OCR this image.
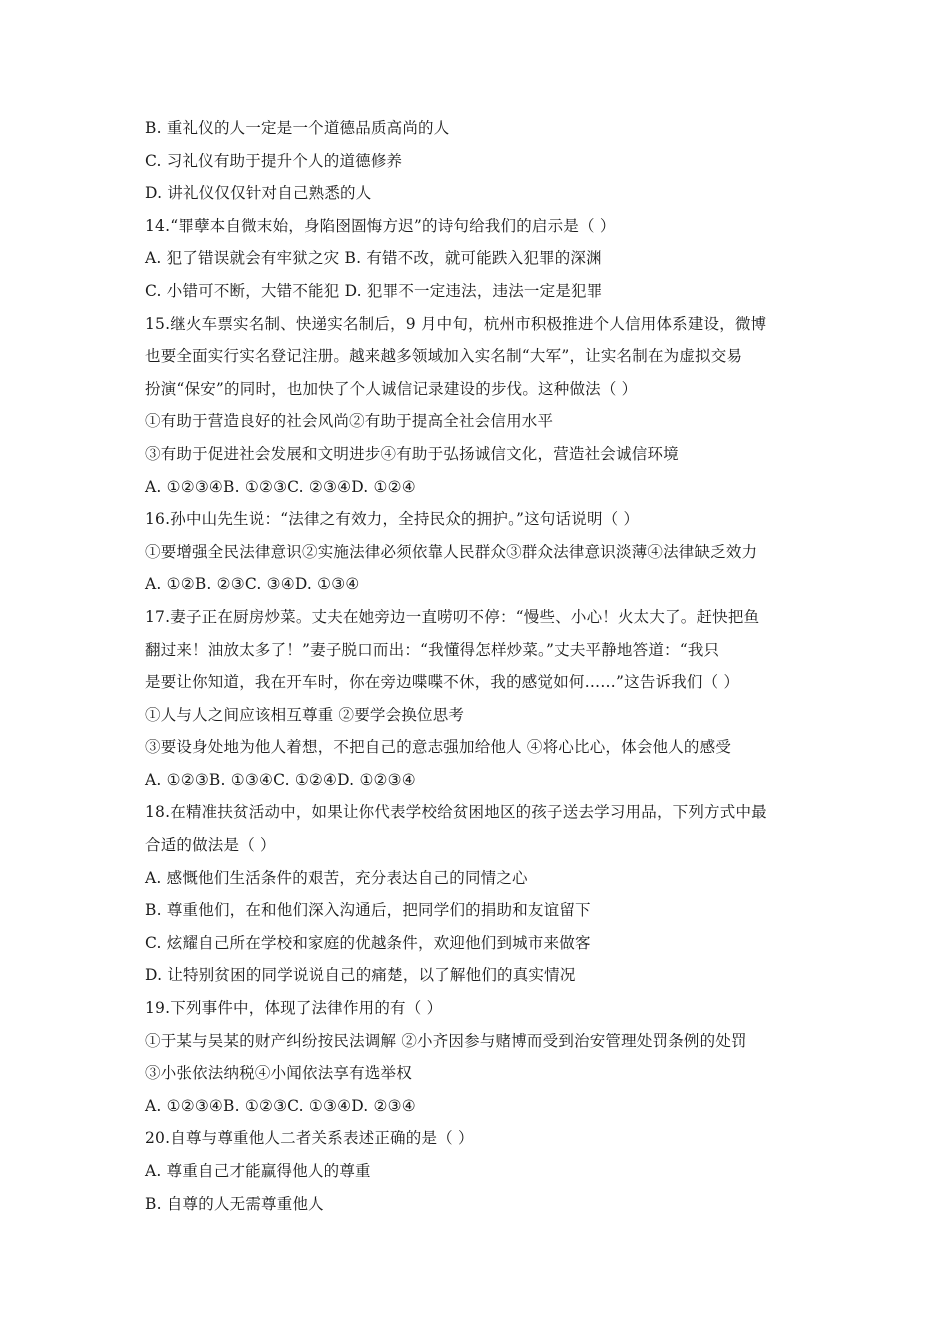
B. 重礼仪的人一定是一个道德品质高尚的人
C. 习礼仪有助于提升个人的道德修养
D. 讲礼仪仅仅针对自己熟悉的人
14.“罪孽本自微末始，身陷囹圄悔方迟”的诗句给我们的启示是（ ）
A. 犯了错误就会有牢狱之灾 B. 有错不改，就可能跌入犯罪的深渊
C. 小错可不断，大错不能犯 D. 犯罪不一定违法，违法一定是犯罪
15.继火车票实名制、快递实名制后，9 月中旬，杭州市积极推进个人信用体系建设，微博
也要全面实行实名登记注册。越来越多领域加入实名制“大军”，让实名制在为虚拟交易
扮演“保安”的同时，也加快了个人诚信记录建设的步伐。这种做法（ ）
①有助于营造良好的社会风尚②有助于提高全社会信用水平
③有助于促进社会发展和文明进步④有助于弘扬诚信文化，营造社会诚信环境
A. ①②③④B. ①②③C. ②③④D. ①②④
16.孙中山先生说：“法律之有效力，全持民众的拥护。”这句话说明（ ）
①要增强全民法律意识②实施法律必须依靠人民群众③群众法律意识淡薄④法律缺乏效力
A. ①②B. ②③C. ③④D. ①③④
17.妻子正在厨房炒菜。丈夫在她旁边一直唠叨不停：“慢些、小心！火太大了。赶快把鱼
翻过来！油放太多了！”妻子脱口而出：“我懂得怎样炒菜。”丈夫平静地答道：“我只
是要让你知道，我在开车时，你在旁边喋喋不休，我的感觉如何……”这告诉我们（ ）
①人与人之间应该相互尊重 ②要学会换位思考
③要设身处地为他人着想，不把自己的意志强加给他人 ④将心比心，体会他人的感受
A. ①②③B. ①③④C. ①②④D. ①②③④
18.在精准扶贫活动中，如果让你代表学校给贫困地区的孩子送去学习用品，下列方式中最
合适的做法是（ ）
A. 感慨他们生活条件的艰苦，充分表达自己的同情之心
B. 尊重他们，在和他们深入沟通后，把同学们的捐助和友谊留下
C. 炫耀自己所在学校和家庭的优越条件，欢迎他们到城市来做客
D. 让特别贫困的同学说说自己的痛楚，以了解他们的真实情况
19.下列事件中，体现了法律作用的有（ ）
①于某与吴某的财产纠纷按民法调解 ②小齐因参与赌博而受到治安管理处罚条例的处罚
③小张依法纳税④小闻依法享有选举权
A. ①②③④B. ①②③C. ①③④D. ②③④
20.自尊与尊重他人二者关系表述正确的是（ ）
A. 尊重自己才能赢得他人的尊重
B. 自尊的人无需尊重他人
